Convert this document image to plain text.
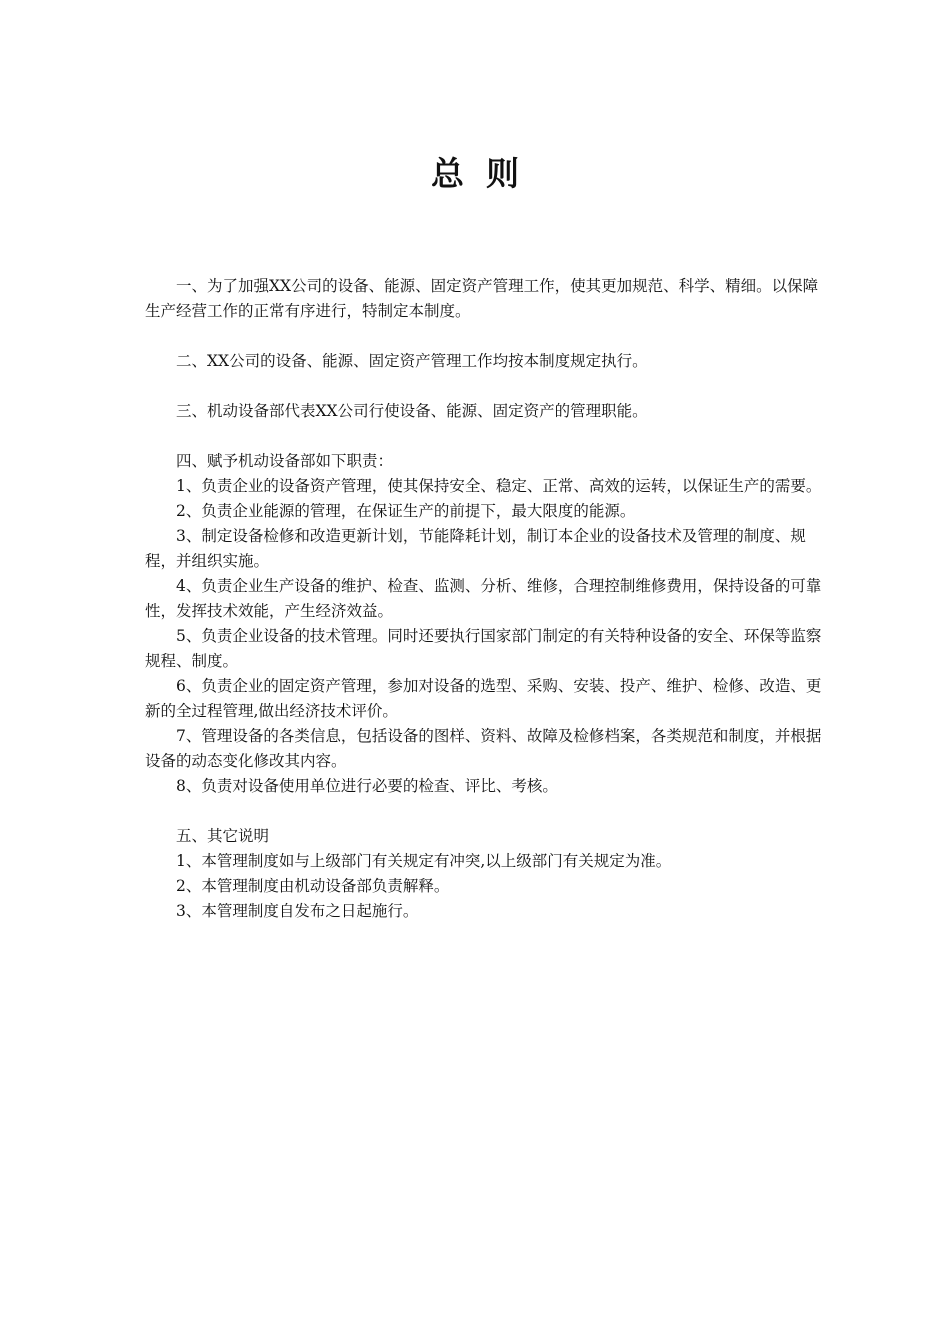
总则

一、为了加强XX公司的设备、能源、固定资产管理工作，使其更加规范、科学、精细。以保障生产经营工作的正常有序进行，特制定本制度。

二、XX公司的设备、能源、固定资产管理工作均按本制度规定执行。

三、机动设备部代表XX公司行使设备、能源、固定资产的管理职能。

四、赋予机动设备部如下职责：

1、负责企业的设备资产管理，使其保持安全、稳定、正常、高效的运转，以保证生产的需要。

2、负责企业能源的管理，在保证生产的前提下，最大限度的能源。

3、制定设备检修和改造更新计划，节能降耗计划，制订本企业的设备技术及管理的制度、规程，并组织实施。

4、负责企业生产设备的维护、检查、监测、分析、维修，合理控制维修费用，保持设备的可靠性，发挥技术效能，产生经济效益。

5、负责企业设备的技术管理。同时还要执行国家部门制定的有关特种设备的安全、环保等监察规程、制度。

6、负责企业的固定资产管理，参加对设备的选型、采购、安装、投产、维护、检修、改造、更新的全过程管理,做出经济技术评价。

7、管理设备的各类信息，包括设备的图样、资料、故障及检修档案，各类规范和制度，并根据设备的动态变化修改其内容。

8、负责对设备使用单位进行必要的检查、评比、考核。

五、其它说明

1、本管理制度如与上级部门有关规定有冲突,以上级部门有关规定为准。

2、本管理制度由机动设备部负责解释。

3、本管理制度自发布之日起施行。
